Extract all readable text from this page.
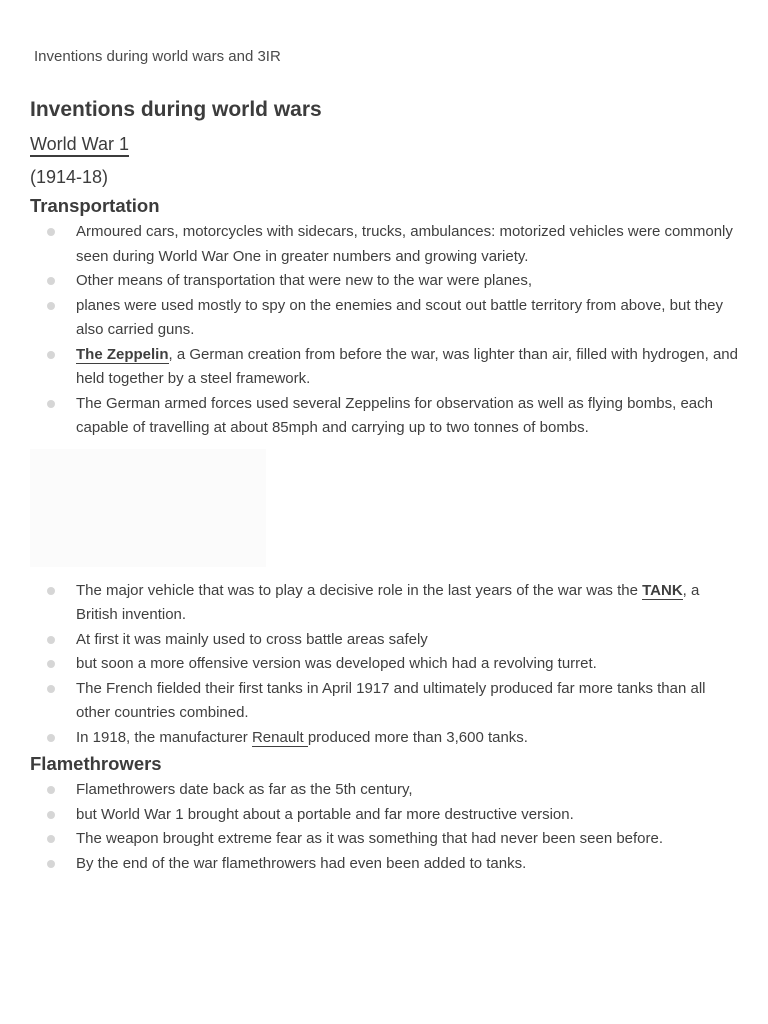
Inventions during world wars and 3IR
Inventions during world wars
World War 1
(1914-18)
Transportation
Armoured cars, motorcycles with sidecars, trucks, ambulances: motorized vehicles were commonly seen during World War One in greater numbers and growing variety.
Other means of transportation that were new to the war were planes,
planes were used mostly to spy on the enemies and scout out battle territory from above, but they also carried guns.
The Zeppelin, a German creation from before the war, was lighter than air, filled with hydrogen, and held together by a steel framework.
The German armed forces used several Zeppelins for observation as well as flying bombs, each capable of travelling at about 85mph and carrying up to two tonnes of bombs.
The major vehicle that was to play a decisive role in the last years of the war was the TANK, a British invention.
At first it was mainly used to cross battle areas safely
but soon a more offensive version was developed which had a revolving turret.
The French fielded their first tanks in April 1917 and ultimately produced far more tanks than all other countries combined.
In 1918, the manufacturer Renault produced more than 3,600 tanks.
Flamethrowers
Flamethrowers date back as far as the 5th century,
but World War 1 brought about a portable and far more destructive version.
The weapon brought extreme fear as it was something that had never been seen before.
By the end of the war flamethrowers had even been added to tanks.
